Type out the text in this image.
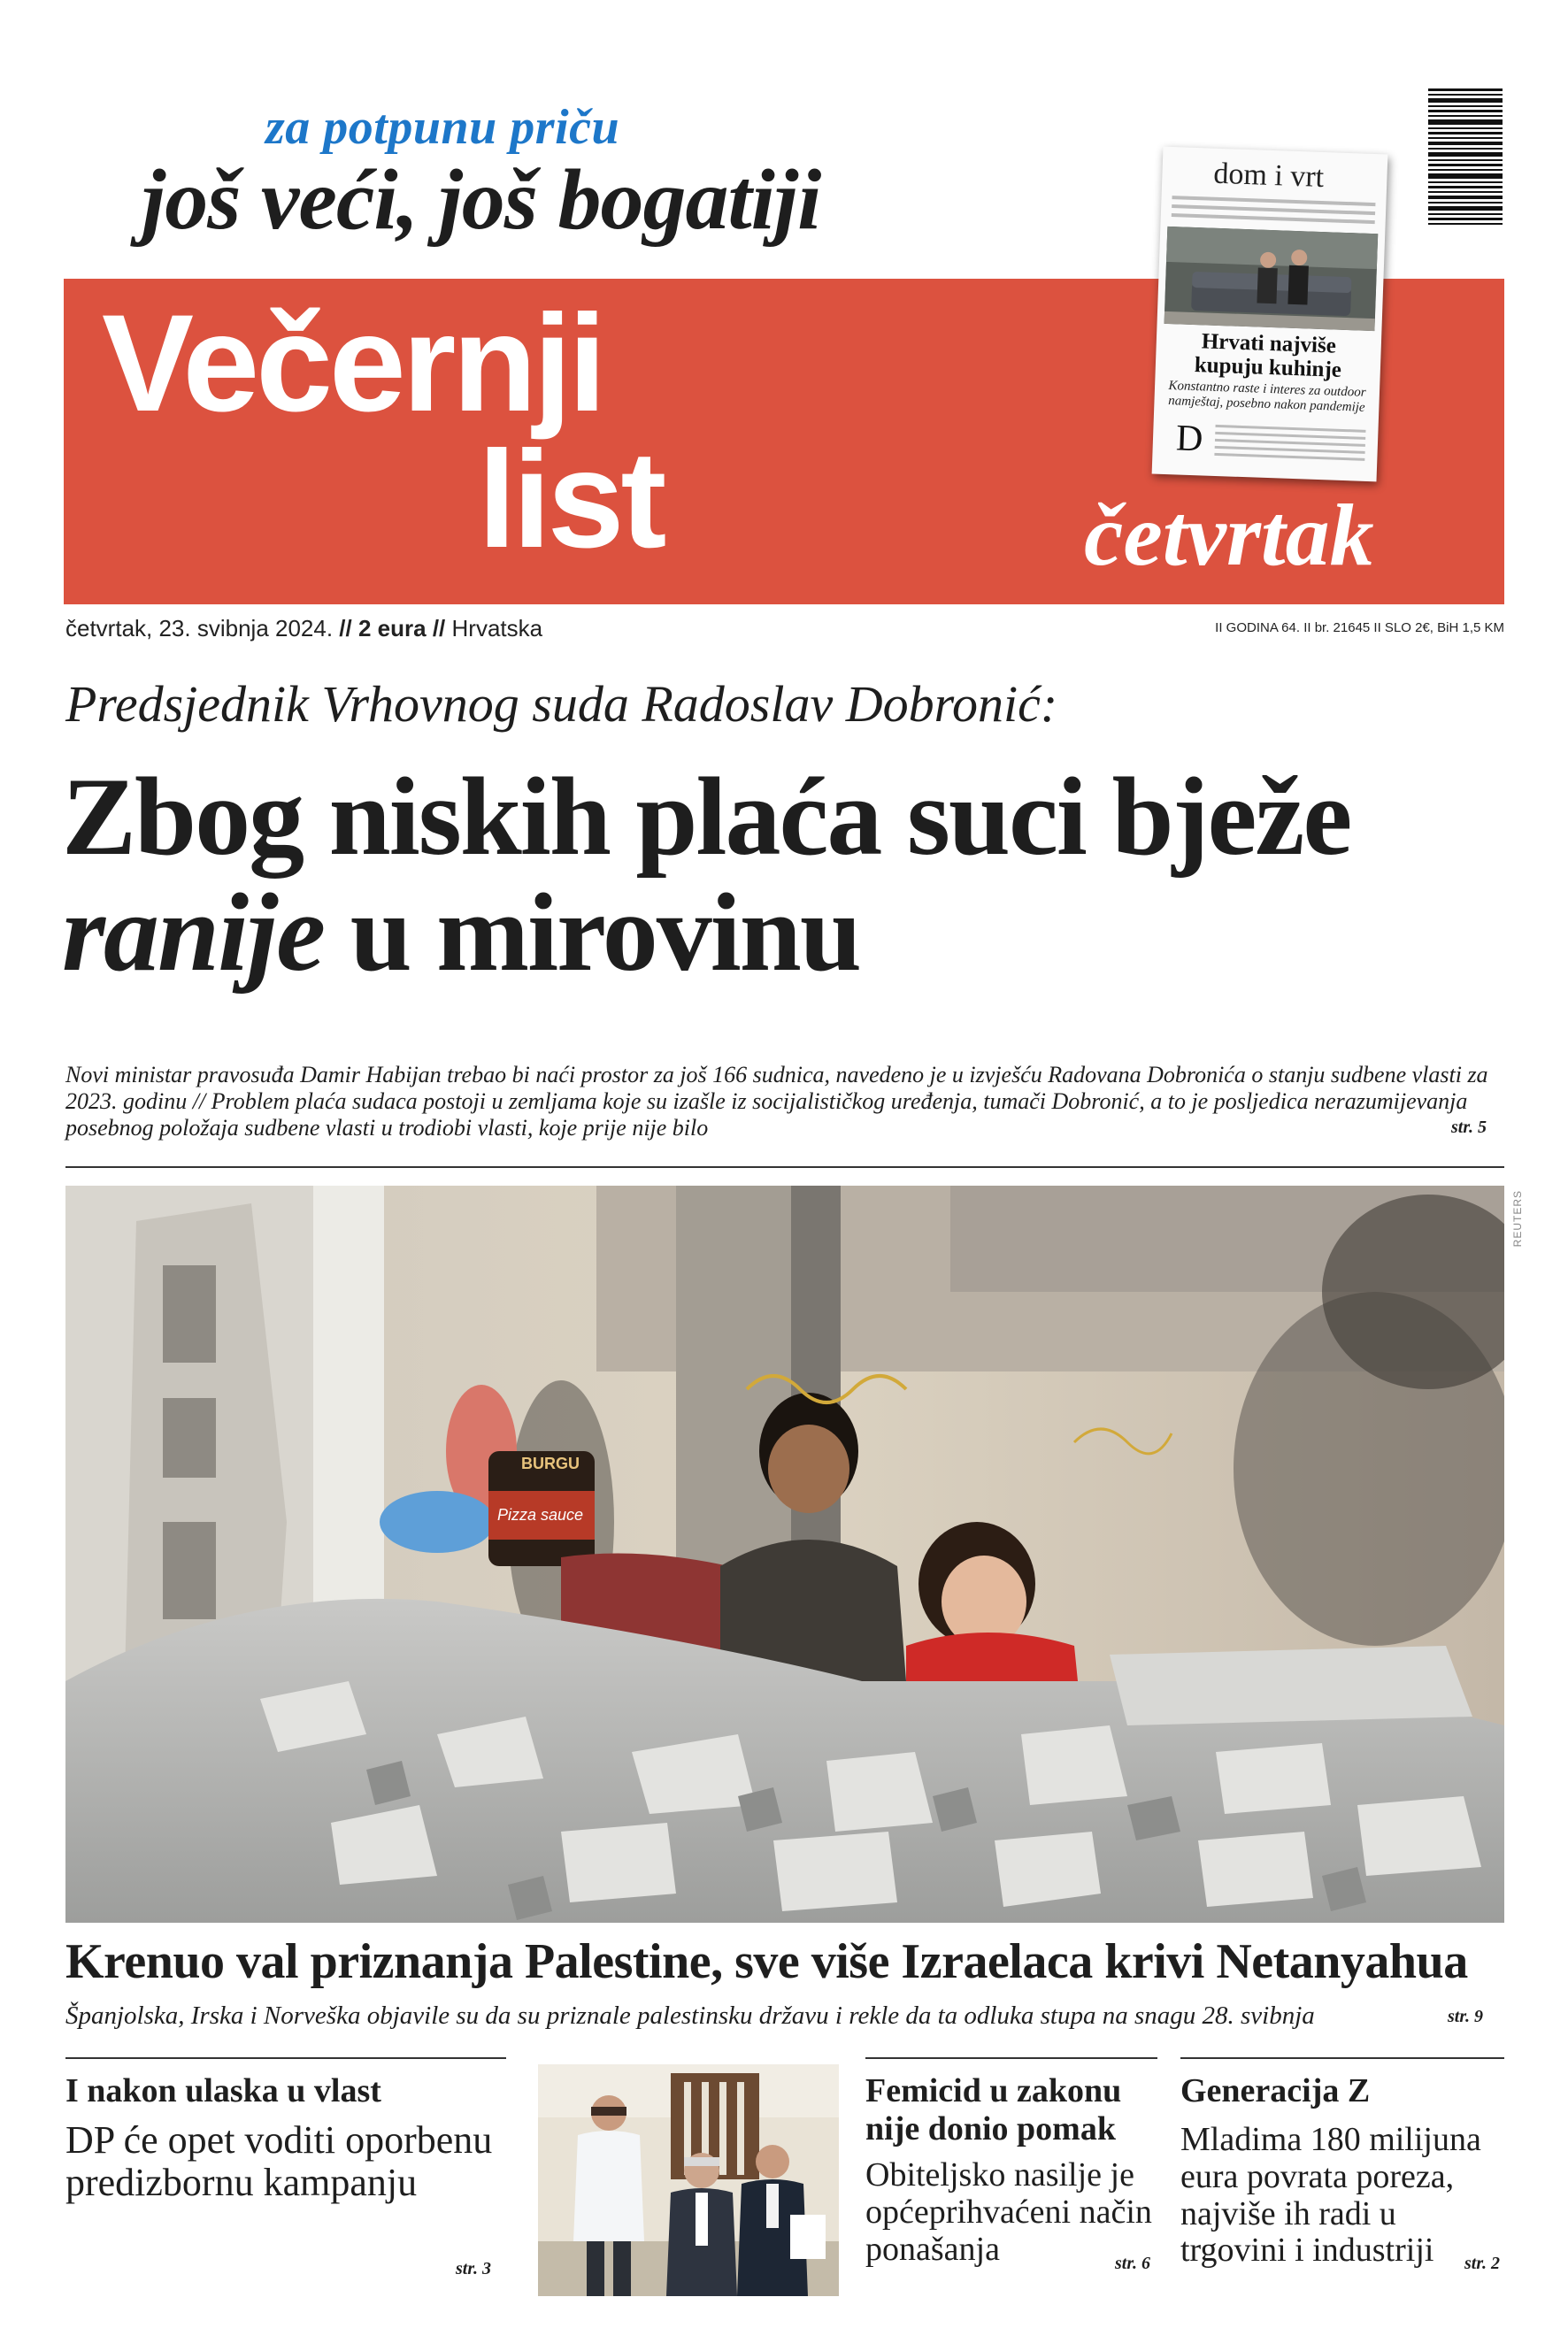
za potpunu priču
još veći, još bogatiji
Večernji
list	četvrtak
dom i vrt
Hrvati najviše kupuju kuhinje
Konstantno raste i interes za outdoor namještaj, posebno nakon pandemije
D
četvrtak, 23. svibnja 2024. // 2 eura // Hrvatska	II GODINA 64. II br. 21645 II SLO 2€, BiH 1,5 KM
Predsjednik Vrhovnog suda Radoslav Dobronić:
Zbog niskih plaća suci bježe ranije u mirovinu
Novi ministar pravosuđa Damir Habijan trebao bi naći prostor za još 166 sudnica, navedeno je u izvješću Radovana Dobronića o stanju sudbene vlasti za 2023. godinu // Problem plaća sudaca postoji u zemljama koje su izašle iz socijalističkog uređenja, tumači Dobronić, a to je posljedica nerazumijevanja posebnog položaja sudbene vlasti u trodiobi vlasti, koje prije nije bilo	str. 5
BURGU
Pizza sauce
REUTERS
Krenuo val priznanja Palestine, sve više Izraelaca krivi Netanyahua
Španjolska, Irska i Norveška objavile su da su priznale palestinsku državu i rekle da ta odluka stupa na snagu 28. svibnja	str. 9
I nakon ulaska u vlast
DP će opet voditi oporbenu predizbornu kampanju
str. 3
Femicid u zakonu nije donio pomak
Obiteljsko nasilje je općeprihvaćeni način ponašanja	str. 6
Generacija Z
Mladima 180 milijuna eura povrata poreza, najviše ih radi u trgovini i industriji	str. 2
